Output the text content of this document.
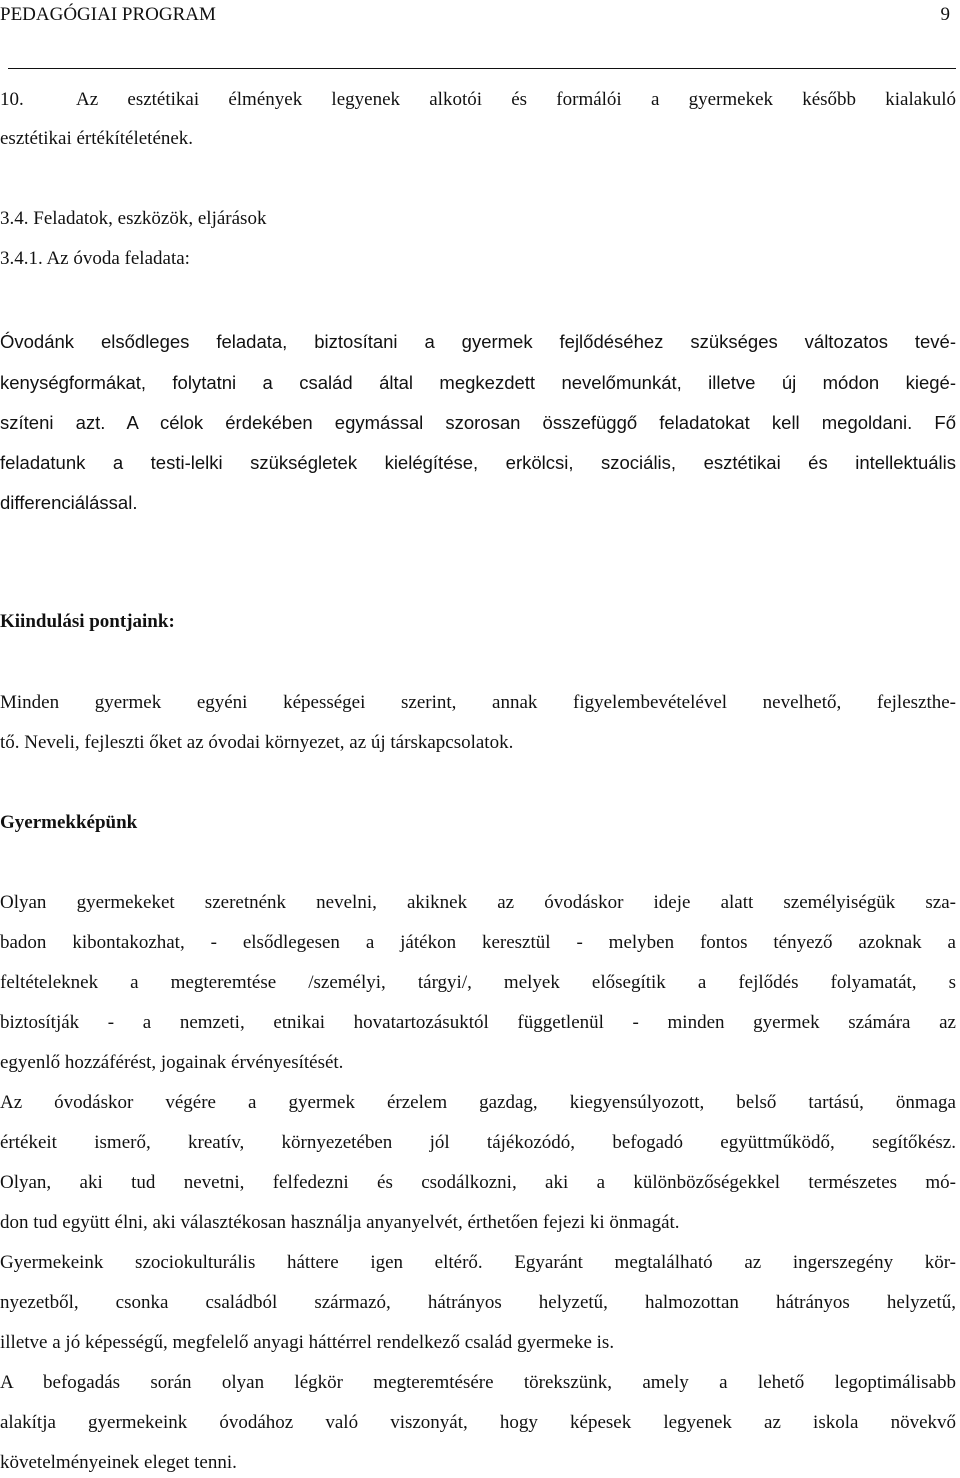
PEDAGÓGIAI PROGRAM	9
10.	Az esztétikai élmények legyenek alkotói és formálói a gyermekek később kialakuló
esztétikai értékítéletének.
3.4. Feladatok, eszközök, eljárások
3.4.1. Az óvoda feladata:
Óvodánk elsődleges feladata, biztosítani a gyermek fejlődéséhez szükséges változatos tevé-
kenységformákat, folytatni a család által megkezdett nevelőmunkát, illetve új módon kiegé-
szíteni azt. A célok érdekében egymással szorosan összefüggő feladatokat kell megoldani. Fő
feladatunk a testi-lelki szükségletek kielégítése, erkölcsi, szociális, esztétikai és intellektuális
differenciálással.
Kiindulási pontjaink:
Minden gyermek egyéni képességei szerint, annak figyelembevételével nevelhető, fejleszthe-
tő. Neveli, fejleszti őket az óvodai környezet, az új társkapcsolatok.
Gyermekképünk
Olyan gyermekeket szeretnénk nevelni, akiknek az óvodáskor ideje alatt személyiségük sza-
badon kibontakozhat, - elsődlegesen a játékon keresztül - melyben fontos tényező azoknak a
feltételeknek a megteremtése /személyi, tárgyi/, melyek elősegítik a fejlődés folyamatát, s
biztosítják - a nemzeti, etnikai hovatartozásuktól függetlenül - minden gyermek számára az
egyenlő hozzáférést, jogainak érvényesítését.
Az óvodáskor végére a gyermek érzelem gazdag, kiegyensúlyozott, belső tartású, önmaga
értékeit ismerő, kreatív, környezetében jól tájékozódó, befogadó együttműködő, segítőkész.
Olyan, aki tud nevetni, felfedezni és csodálkozni, aki a különbözőségekkel természetes mó-
don tud együtt élni, aki választékosan használja anyanyelvét, érthetően fejezi ki önmagát.
Gyermekeink szociokulturális háttere igen eltérő. Egyaránt megtalálható az ingerszegény kör-
nyezetből, csonka családból származó, hátrányos helyzetű, halmozottan hátrányos helyzetű,
illetve a jó képességű, megfelelő anyagi háttérrel rendelkező család gyermeke is.
A befogadás során olyan légkör megteremtésére törekszünk, amely a lehető legoptimálisabb
alakítja gyermekeink óvodához való viszonyát, hogy képesek legyenek az iskola növekvő
követelményeinek eleget tenni.
